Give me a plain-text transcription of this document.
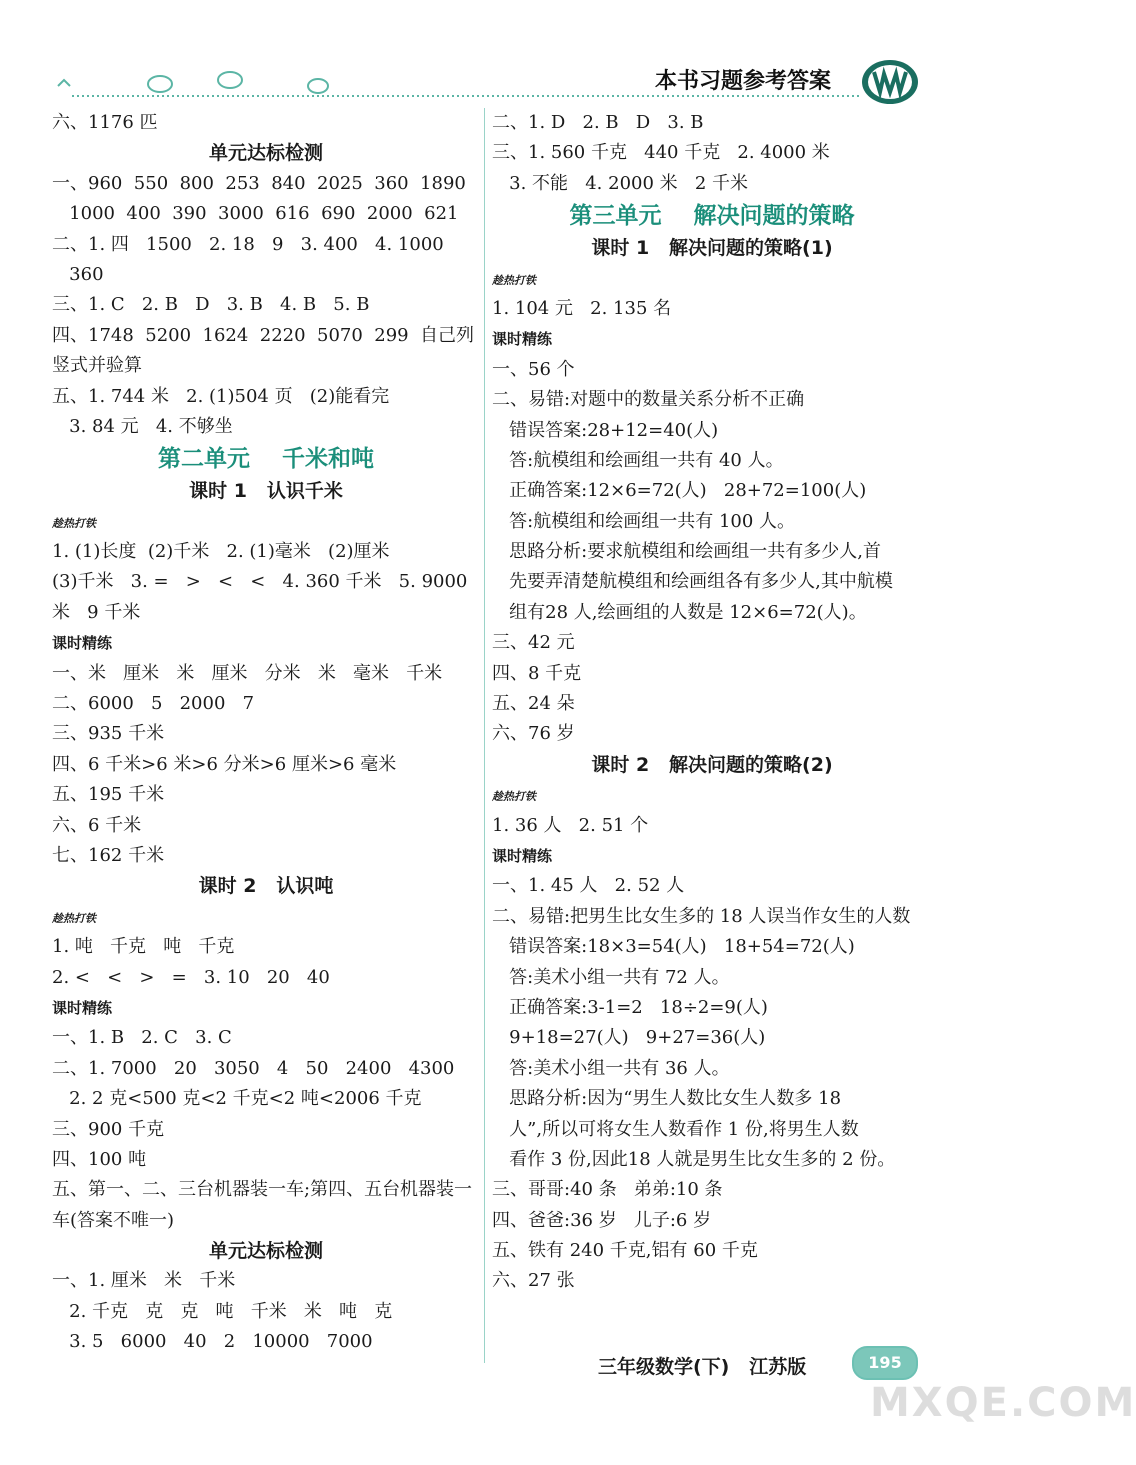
本书习题参考答案
六、1176 匹
单元达标检测
一、960  550  800  253  840  2025  360  1890
1000  400  390  3000  616  690  2000  621
二、1. 四   1500   2. 18   9   3. 400   4. 1000
360
三、1. C   2. B   D   3. B   4. B   5. B
四、1748  5200  1624  2220  5070  299  自己列
竖式并验算
五、1. 744 米   2. (1)504 页   (2)能看完
3. 84 元   4. 不够坐
第二单元    千米和吨
课时 1   认识千米
趁热打铁
1. (1)长度  (2)千米   2. (1)毫米   (2)厘米
(3)千米   3. =   >   <   <   4. 360 千米   5. 9000
米   9 千米
课时精练
一、米   厘米   米   厘米   分米   米   毫米   千米
二、6000   5   2000   7
三、935 千米
四、6 千米>6 米>6 分米>6 厘米>6 毫米
五、195 千米
六、6 千米
七、162 千米
课时 2   认识吨
趁热打铁
1. 吨   千克   吨   千克
2. <   <   >   =   3. 10   20   40
课时精练
一、1. B   2. C   3. C
二、1. 7000   20   3050   4   50   2400   4300
2. 2 克<500 克<2 千克<2 吨<2006 千克
三、900 千克
四、100 吨
五、第一、二、三台机器装一车;第四、五台机器装一
车(答案不唯一)
单元达标检测
一、1. 厘米   米   千米
2. 千克   克   克   吨   千米   米   吨   克
3. 5   6000   40   2   10000   7000
二、1. D   2. B   D   3. B
三、1. 560 千克   440 千克   2. 4000 米
3. 不能   4. 2000 米   2 千米
第三单元    解决问题的策略
课时 1   解决问题的策略(1)
趁热打铁
1. 104 元   2. 135 名
课时精练
一、56 个
二、易错:对题中的数量关系分析不正确
错误答案:28+12=40(人)
答:航模组和绘画组一共有 40 人。
正确答案:12×6=72(人)   28+72=100(人)
答:航模组和绘画组一共有 100 人。
思路分析:要求航模组和绘画组一共有多少人,首
先要弄清楚航模组和绘画组各有多少人,其中航模
组有28 人,绘画组的人数是 12×6=72(人)。
三、42 元
四、8 千克
五、24 朵
六、76 岁
课时 2   解决问题的策略(2)
趁热打铁
1. 36 人   2. 51 个
课时精练
一、1. 45 人   2. 52 人
二、易错:把男生比女生多的 18 人误当作女生的人数
错误答案:18×3=54(人)   18+54=72(人)
答:美术小组一共有 72 人。
正确答案:3-1=2   18÷2=9(人)
9+18=27(人)   9+27=36(人)
答:美术小组一共有 36 人。
思路分析:因为“男生人数比女生人数多 18
人”,所以可将女生人数看作 1 份,将男生人数
看作 3 份,因此18 人就是男生比女生多的 2 份。
三、哥哥:40 条   弟弟:10 条
四、爸爸:36 岁   儿子:6 岁
五、铁有 240 千克,铝有 60 千克
六、27 张
三年级数学(下)   江苏版	195
MXQE.COM
